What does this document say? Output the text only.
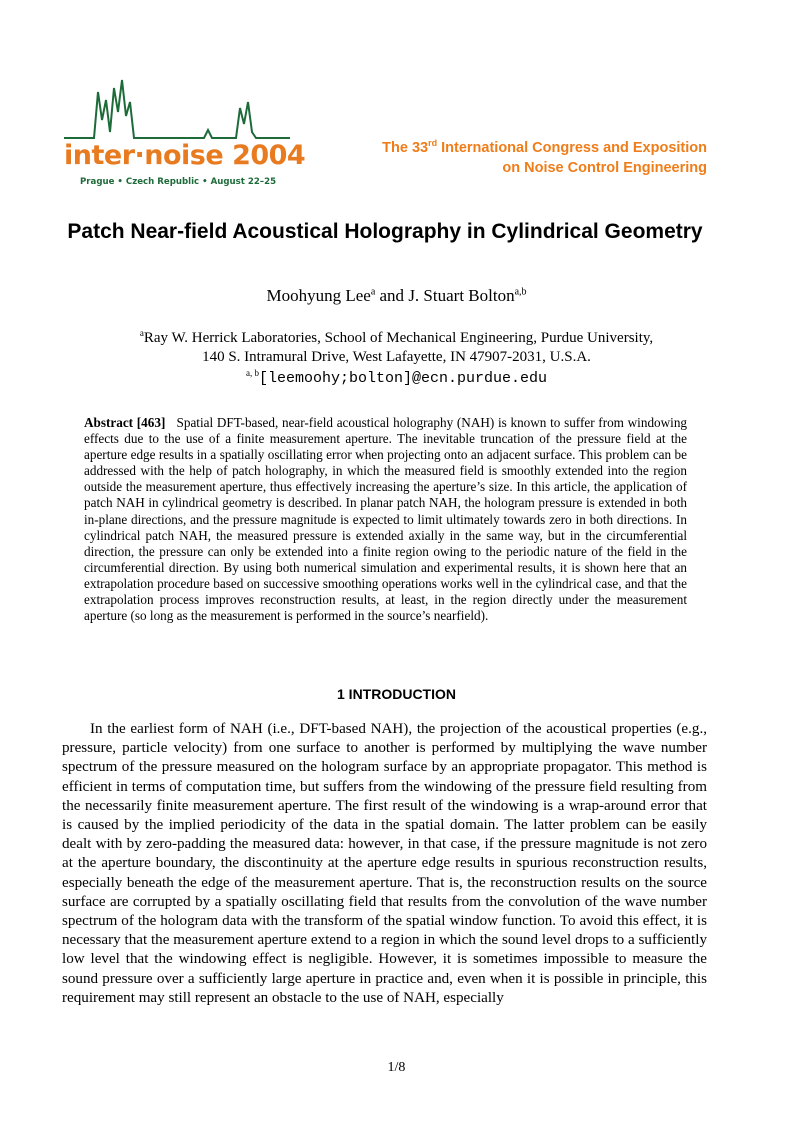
inter·noise 2004
Prague • Czech Republic • August 22–25
The 33rd International Congress and Exposition
on Noise Control Engineering
Patch Near-field Acoustical Holography in Cylindrical Geometry
Moohyung Lee$^a$ and J. Stuart Bolton$^{a,b}$
$^a$Ray W. Herrick Laboratories, School of Mechanical Engineering, Purdue University,
140 S. Intramural Drive, West Lafayette, IN 47907-2031, U.S.A.
$^{a, b}$[leemoohy;bolton]@ecn.purdue.edu
Abstract [463] Spatial DFT-based, near-field acoustical holography (NAH) is known to suffer from windowing effects due to the use of a finite measurement aperture. The inevitable truncation of the pressure field at the aperture edge results in a spatially oscillating error when projecting onto an adjacent surface. This problem can be addressed with the help of patch holography, in which the measured field is smoothly extended into the region outside the measurement aperture, thus effectively increasing the aperture’s size. In this article, the application of patch NAH in cylindrical geometry is described. In planar patch NAH, the hologram pressure is extended in both in-plane directions, and the pressure magnitude is expected to limit ultimately towards zero in both directions. In cylindrical patch NAH, the measured pressure is extended axially in the same way, but in the circumferential direction, the pressure can only be extended into a finite region owing to the periodic nature of the field in the circumferential direction. By using both numerical simulation and experimental results, it is shown here that an extrapolation procedure based on successive smoothing operations works well in the cylindrical case, and that the extrapolation process improves reconstruction results, at least, in the region directly under the measurement aperture (so long as the measurement is performed in the source’s nearfield).
1 INTRODUCTION

In the earliest form of NAH (i.e., DFT-based NAH), the projection of the acoustical properties (e.g., pressure, particle velocity) from one surface to another is performed by multiplying the wave number spectrum of the pressure measured on the hologram surface by an appropriate propagator. This method is efficient in terms of computation time, but suffers from the windowing of the pressure field resulting from the necessarily finite measurement aperture. The first result of the windowing is a wrap-around error that is caused by the implied periodicity of the data in the spatial domain. The latter problem can be easily dealt with by zero-padding the measured data: however, in that case, if the pressure magnitude is not zero at the aperture boundary, the discontinuity at the aperture edge results in spurious reconstruction results, especially beneath the edge of the measurement aperture. That is, the reconstruction results on the source surface are corrupted by a spatially oscillating field that results from the convolution of the wave number spectrum of the hologram data with the transform of the spatial window function. To avoid this effect, it is necessary that the measurement aperture extend to a region in which the sound level drops to a sufficiently low level that the windowing effect is negligible. However, it is sometimes impossible to measure the sound pressure over a sufficiently large aperture in practice and, even when it is possible in principle, this requirement may still represent an obstacle to the use of NAH, especially

1/8
